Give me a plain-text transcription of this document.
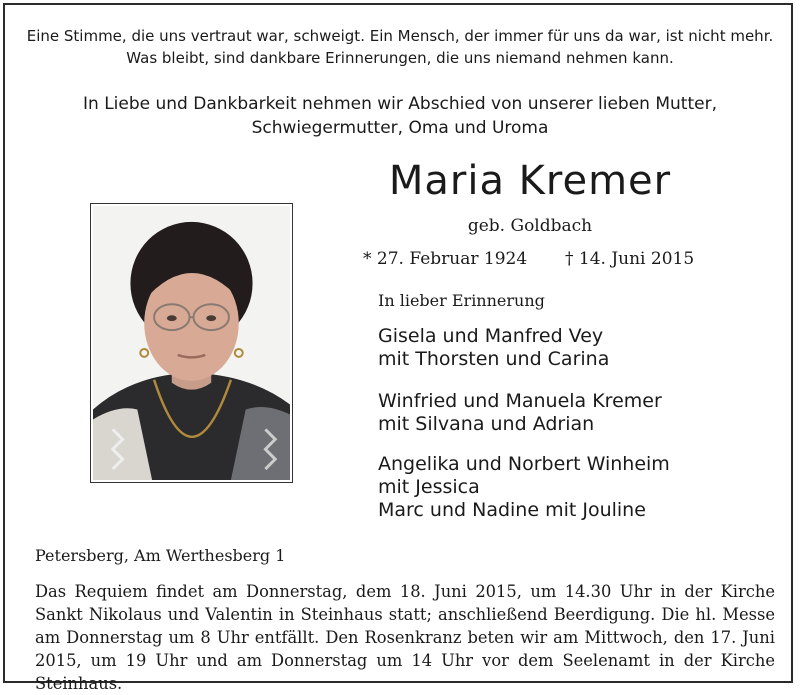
Eine Stimme, die uns vertraut war, schweigt. Ein Mensch, der immer für uns da war, ist nicht mehr.
Was bleibt, sind dankbare Erinnerungen, die uns niemand nehmen kann.

In Liebe und Dankbarkeit nehmen wir Abschied von unserer lieben Mutter,
Schwiegermutter, Oma und Uroma

Maria Kremer

geb. Goldbach

* 27. Februar 1924 † 14. Juni 2015

In lieber Erinnerung

Gisela und Manfred Vey
mit Thorsten und Carina

Winfried und Manuela Kremer
mit Silvana und Adrian

Angelika und Norbert Winheim
mit Jessica
Marc und Nadine mit Jouline

Petersberg, Am Werthesberg 1

Das Requiem findet am Donnerstag, dem 18. Juni 2015, um 14.30 Uhr in der Kirche Sankt Nikolaus und Valentin in Steinhaus statt; anschließend Beerdigung. Die hl. Messe am Donnerstag um 8 Uhr entfällt. Den Rosenkranz beten wir am Mittwoch, den 17. Juni 2015, um 19 Uhr und am Donnerstag um 14 Uhr vor dem Seelenamt in der Kirche Steinhaus.
